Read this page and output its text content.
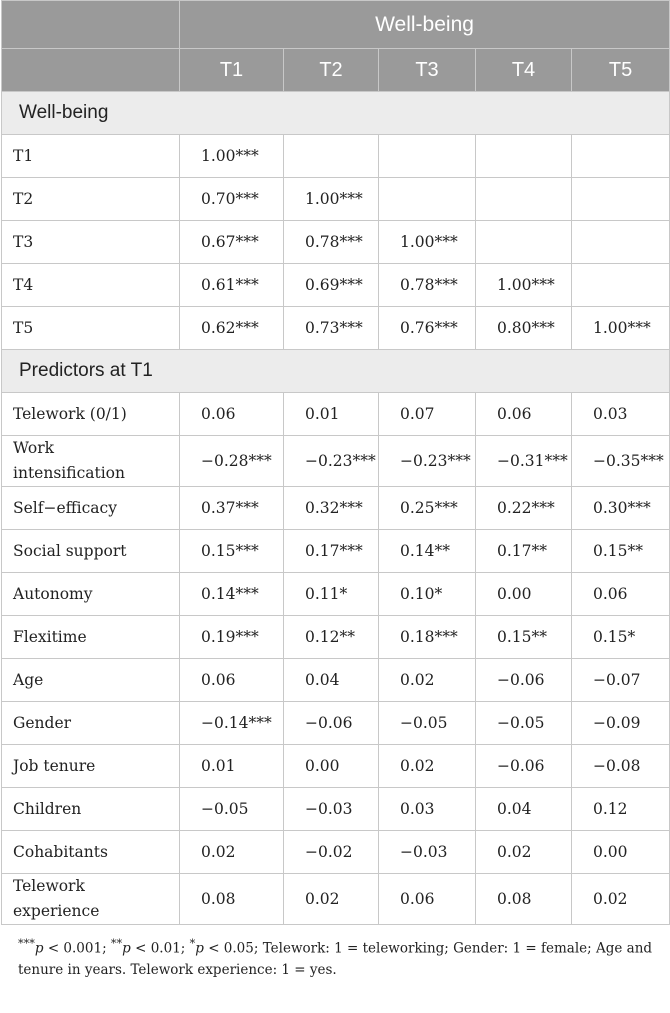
	Well-being				
	T1	T2	T3	T4	T5
Well-being					
T1	1.00***				
T2	0.70***	1.00***			
T3	0.67***	0.78***	1.00***		
T4	0.61***	0.69***	0.78***	1.00***	
T5	0.62***	0.73***	0.76***	0.80***	1.00***
Predictors at T1					
Telework (0/1)	0.06	0.01	0.07	0.06	0.03
Work
intensification	−0.28***	−0.23***	−0.23***	−0.31***	−0.35***
Self−efficacy	0.37***	0.32***	0.25***	0.22***	0.30***
Social support	0.15***	0.17***	0.14**	0.17**	0.15**
Autonomy	0.14***	0.11*	0.10*	0.00	0.06
Flexitime	0.19***	0.12**	0.18***	0.15**	0.15*
Age	0.06	0.04	0.02	−0.06	−0.07
Gender	−0.14***	−0.06	−0.05	−0.05	−0.09
Job tenure	0.01	0.00	0.02	−0.06	−0.08
Children	−0.05	−0.03	0.03	0.04	0.12
Cohabitants	0.02	−0.02	−0.03	0.02	0.00
Telework
experience	0.08	0.02	0.06	0.08	0.02

***p < 0.001; **p < 0.01; *p < 0.05; Telework: 1 = teleworking; Gender: 1 = female; Age and tenure in years. Telework experience: 1 = yes.
